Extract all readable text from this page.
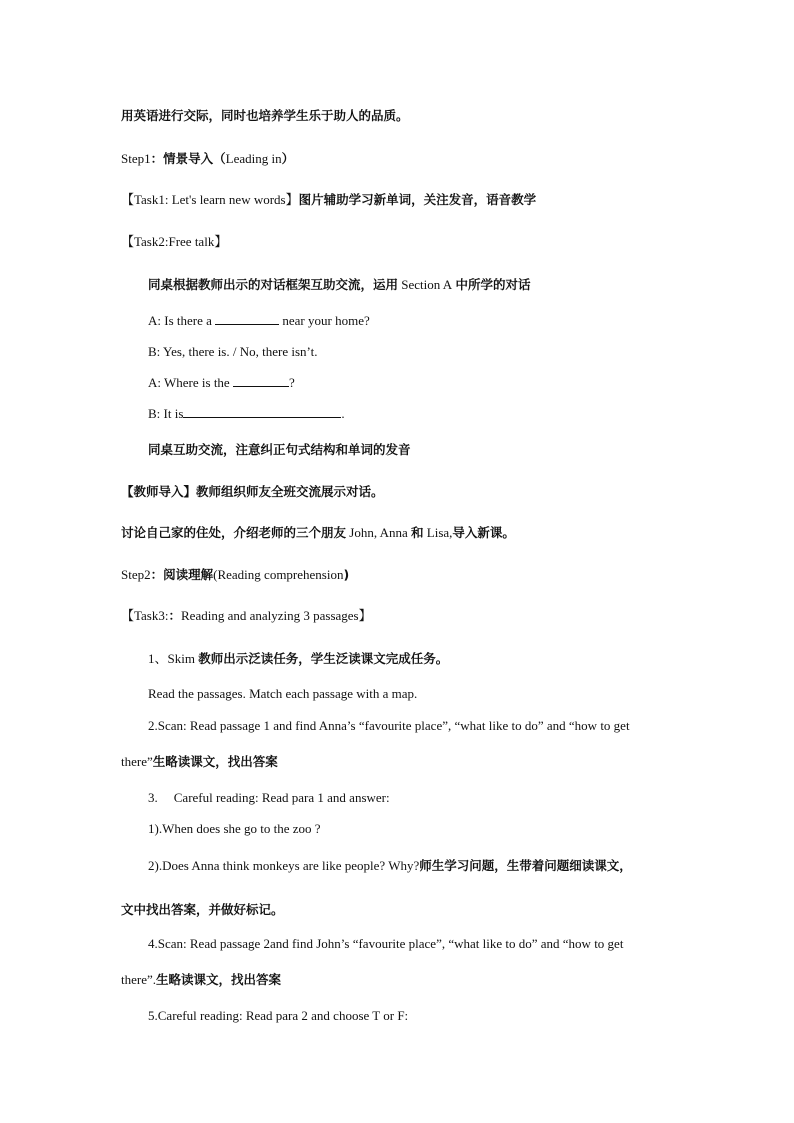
用英语进行交际，同时也培养学生乐于助人的品质。
Step1：情景导入（Leading in）
【Task1: Let's learn new words】图片辅助学习新单词，关注发音，语音教学
【Task2:Free talk】
同桌根据教师出示的对话框架互助交流，运用 Section A 中所学的对话
A: Is there a	near your home?
B: Yes, there is. / No, there isn’t.
A: Where is the	?
B: It is	.
同桌互助交流，注意纠正句式结构和单词的发音
【教师导入】教师组织师友全班交流展示对话。
讨论自己家的住处，介绍老师的三个朋友 John, Anna 和 Lisa,导入新课。
Step2：阅读理解(Reading comprehension)
【Task3:：Reading and analyzing 3 passages】
1、Skim 教师出示泛读任务，学生泛读课文完成任务。
Read the passages. Match each passage with a map.
2.Scan: Read passage 1 and find Anna’s “favourite place”, “what like to do” and “how to get
there”生略读课文，找出答案
3. Careful reading: Read para 1 and answer:
1).When does she go to the zoo ?
2).Does Anna think monkeys are like people? Why?师生学习问题，生带着问题细读课文，
文中找出答案，并做好标记。
4.Scan: Read passage 2and find John’s “favourite place”, “what like to do” and “how to get
there”.生略读课文，找出答案
5.Careful reading: Read para 2 and choose T or F:
